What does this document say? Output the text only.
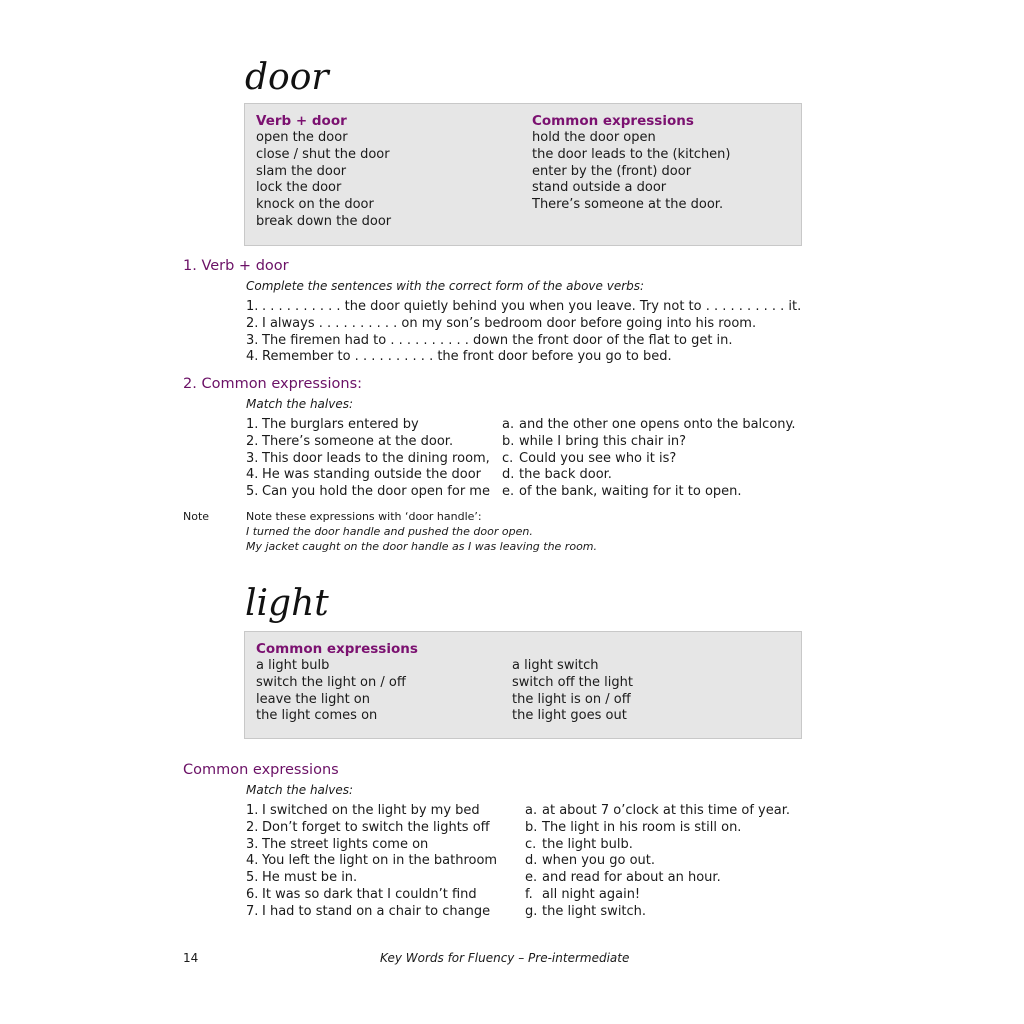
door
Verb + door
open the door
close / shut the door
slam the door
lock the door
knock on the door
break down the door
Common expressions
hold the door open
the door leads to the (kitchen)
enter by the (front) door
stand outside a door
There’s someone at the door.
1. Verb + door
Complete the sentences with the correct form of the above verbs:
1. . . . . . . . . . . the door quietly behind you when you leave. Try not to . . . . . . . . . . it.
2. I always . . . . . . . . . . on my son’s bedroom door before going into his room.
3. The firemen had to . . . . . . . . . . down the front door of the flat to get in.
4. Remember to . . . . . . . . . . the front door before you go to bed.
2. Common expressions:
Match the halves:
1. The burglars entered by
2. There’s someone at the door.
3. This door leads to the dining room,
4. He was standing outside the door
5. Can you hold the door open for me
a. and the other one opens onto the balcony.
b. while I bring this chair in?
c. Could you see who it is?
d. the back door.
e. of the bank, waiting for it to open.
Note	Note these expressions with ‘door handle’:
I turned the door handle and pushed the door open.
My jacket caught on the door handle as I was leaving the room.
light
Common expressions
a light bulb
switch the light on / off
leave the light on
the light comes on
a light switch
switch off the light
the light is on / off
the light goes out
Common expressions
Match the halves:
1. I switched on the light by my bed
2. Don’t forget to switch the lights off
3. The street lights come on
4. You left the light on in the bathroom
5. He must be in.
6. It was so dark that I couldn’t find
7. I had to stand on a chair to change
a. at about 7 o’clock at this time of year.
b. The light in his room is still on.
c. the light bulb.
d. when you go out.
e. and read for about an hour.
f. all night again!
g. the light switch.
14	Key Words for Fluency – Pre-intermediate
